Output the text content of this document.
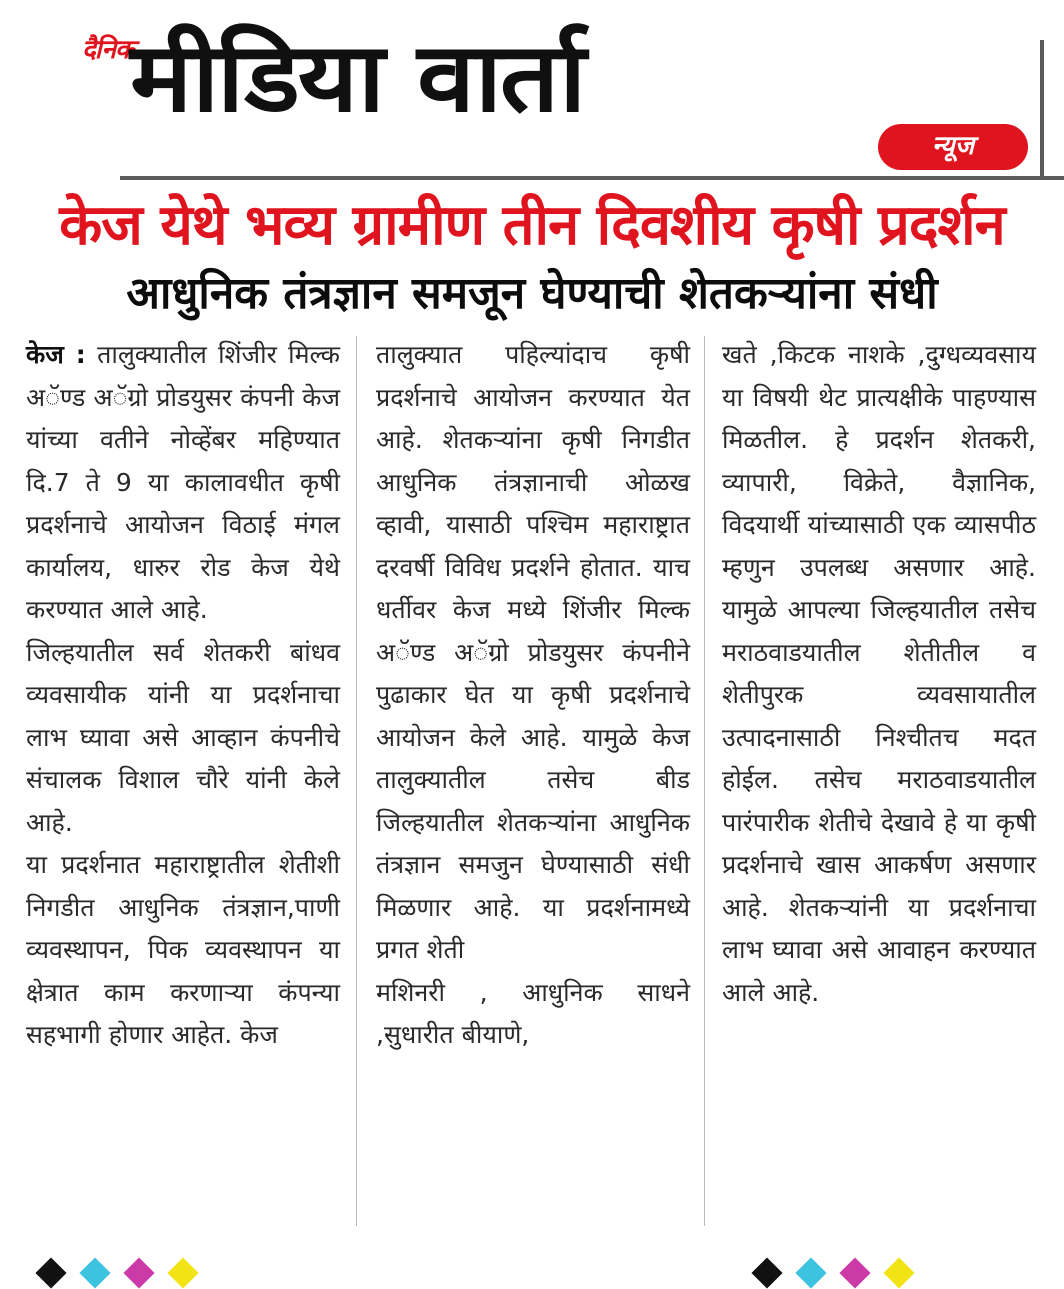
दैनिक
मीडिया वार्ता
न्यूज
केज येथे भव्य ग्रामीण तीन दिवशीय कृषी प्रदर्शन
आधुनिक तंत्रज्ञान समजून घेण्याची शेतकऱ्यांना संधी

केज : तालुक्यातील शिंजीर मिल्क अॅण्ड अॅग्रो प्रोडयुसर कंपनी केज यांच्या वतीने नोव्हेंबर महिण्यात दि.7 ते 9 या कालावधीत कृषी प्रदर्शनाचे आयोजन विठाई मंगल कार्यालय, धारुर रोड केज येथे करण्यात आले आहे.

जिल्हयातील सर्व शेतकरी बांधव व्यवसायीक यांनी या प्रदर्शनाचा लाभ घ्यावा असे आव्हान कंपनीचे संचालक विशाल चौरे यांनी केले आहे.

या प्रदर्शनात महाराष्ट्रातील शेतीशी निगडीत आधुनिक तंत्रज्ञान,पाणी व्यवस्थापन, पिक व्यवस्थापन या क्षेत्रात काम करणाऱ्या कंपन्या सहभागी होणार आहेत. केज

तालुक्यात पहिल्यांदाच कृषी प्रदर्शनाचे आयोजन करण्यात येत आहे. शेतकऱ्यांना कृषी निगडीत आधुनिक तंत्रज्ञानाची ओळख व्हावी, यासाठी पश्चिम महाराष्ट्रात दरवर्षी विविध प्रदर्शने होतात. याच धर्तीवर केज मध्ये शिंजीर मिल्क अॅण्ड अॅग्रो प्रोडयुसर कंपनीने पुढाकार घेत या कृषी प्रदर्शनाचे आयोजन केले आहे. यामुळे केज तालुक्यातील तसेच बीड जिल्हयातील शेतकऱ्यांना आधुनिक तंत्रज्ञान समजुन घेण्यासाठी संधी मिळणार आहे. या प्रदर्शनामध्ये प्रगत शेती

मशिनरी , आधुनिक साधने ,सुधारीत बीयाणे,

खते ,किटक नाशके ,दुग्धव्यवसाय या विषयी थेट प्रात्यक्षीके पाहण्यास मिळतील. हे प्रदर्शन शेतकरी, व्यापारी, विक्रेते, वैज्ञानिक, विदयार्थी यांच्यासाठी एक व्यासपीठ म्हणुन उपलब्ध असणार आहे. यामुळे आपल्या जिल्हयातील तसेच मराठवाडयातील शेतीतील व शेतीपुरक व्यवसायातील उत्पादनासाठी निश्चीतच मदत होईल. तसेच मराठवाडयातील पारंपारीक शेतीचे देखावे हे या कृषी प्रदर्शनाचे खास आकर्षण असणार आहे. शेतकऱ्यांनी या प्रदर्शनाचा लाभ घ्यावा असे आवाहन करण्यात आले आहे.
